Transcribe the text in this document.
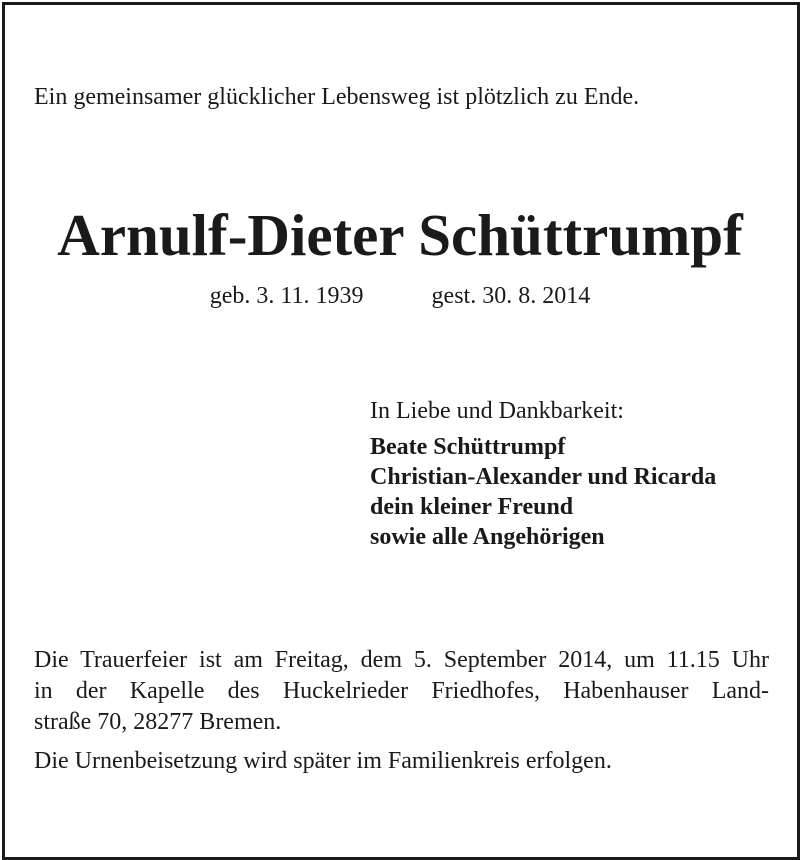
Ein gemeinsamer glücklicher Lebensweg ist plötzlich zu Ende.
Arnulf-Dieter Schüttrumpf
geb. 3. 11. 1939	gest. 30. 8. 2014
In Liebe und Dankbarkeit:
Beate Schüttrumpf
Christian-Alexander und Ricarda
dein kleiner Freund
sowie alle Angehörigen

Die Trauerfeier ist am Freitag, dem 5. September 2014, um 11.15 Uhr
in der Kapelle des Huckelrieder Friedhofes, Habenhauser Land-
straße 70, 28277 Bremen.

Die Urnenbeisetzung wird später im Familienkreis erfolgen.
